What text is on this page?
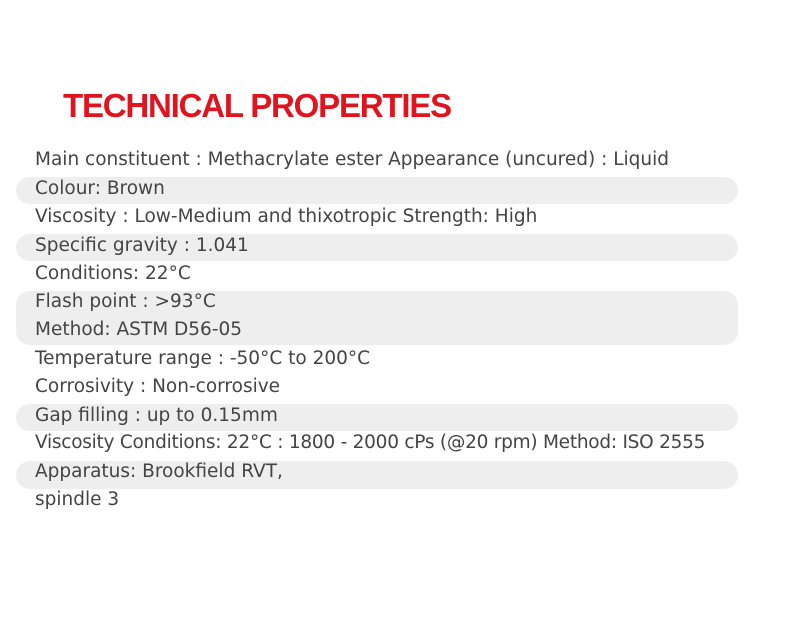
TECHNICAL PROPERTIES
Main constituent : Methacrylate ester Appearance (uncured) : Liquid
Colour: Brown
Viscosity : Low-Medium and thixotropic Strength: High
Specific gravity : 1.041
Conditions: 22°C
Flash point : >93°C
Method: ASTM D56-05
Temperature range : -50°C to 200°C
Corrosivity : Non-corrosive
Gap filling : up to 0.15mm
Viscosity Conditions: 22°C : 1800 - 2000 cPs (@20 rpm) Method: ISO 2555
Apparatus: Brookfield RVT,
spindle 3
